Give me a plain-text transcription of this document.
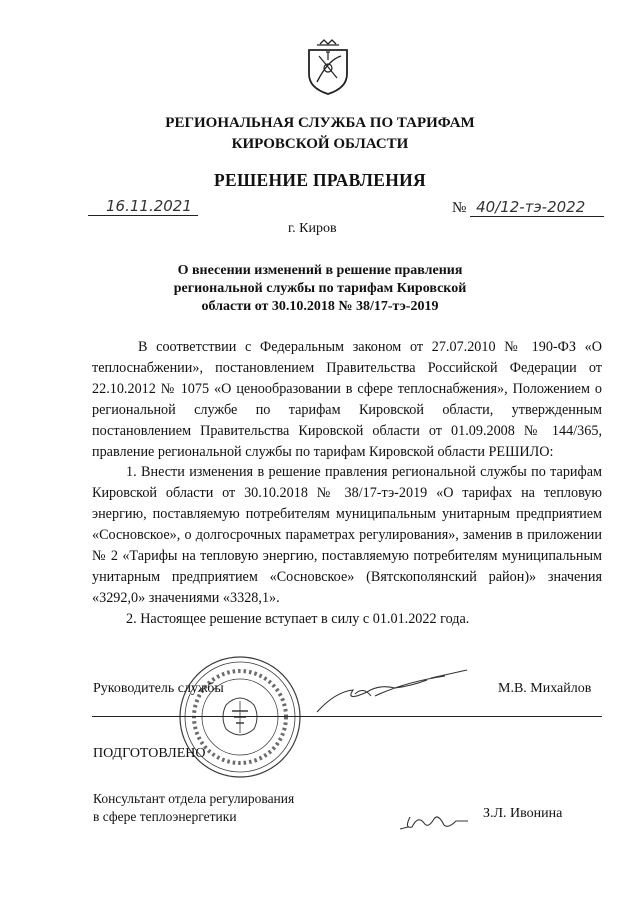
РЕГИОНАЛЬНАЯ СЛУЖБА ПО ТАРИФАМ
КИРОВСКОЙ ОБЛАСТИ
РЕШЕНИЕ ПРАВЛЕНИЯ
16.11.2021	№ 40/12-тэ-2022
г. Киров
О внесении изменений в решение правления
региональной службы по тарифам Кировской
области от 30.10.2018 № 38/17-тэ-2019

В соответствии с Федеральным законом от 27.07.2010 № 190-ФЗ «О теплоснабжении», постановлением Правительства Российской Федерации от 22.10.2012 № 1075 «О ценообразовании в сфере теплоснабжения», Положением о региональной службе по тарифам Кировской области, утвержденным постановлением Правительства Кировской области от 01.09.2008 № 144/365, правление региональной службы по тарифам Кировской области РЕШИЛО:

1. Внести изменения в решение правления региональной службы по тарифам Кировской области от 30.10.2018 № 38/17-тэ-2019 «О тарифах на тепловую энергию, поставляемую потребителям муниципальным унитарным предприятием «Сосновское», о долгосрочных параметрах регулирования», заменив в приложении № 2 «Тарифы на тепловую энергию, поставляемую потребителям муниципальным унитарным предприятием «Сосновское» (Вятскополянский район)» значения «3292,0» значениями «3328,1».

2. Настоящее решение вступает в силу с 01.01.2022 года.

Руководитель службы	М.В. Михайлов
ПОДГОТОВЛЕНО
Консультант отдела регулирования
в сфере теплоэнергетики	З.Л. Ивонина
